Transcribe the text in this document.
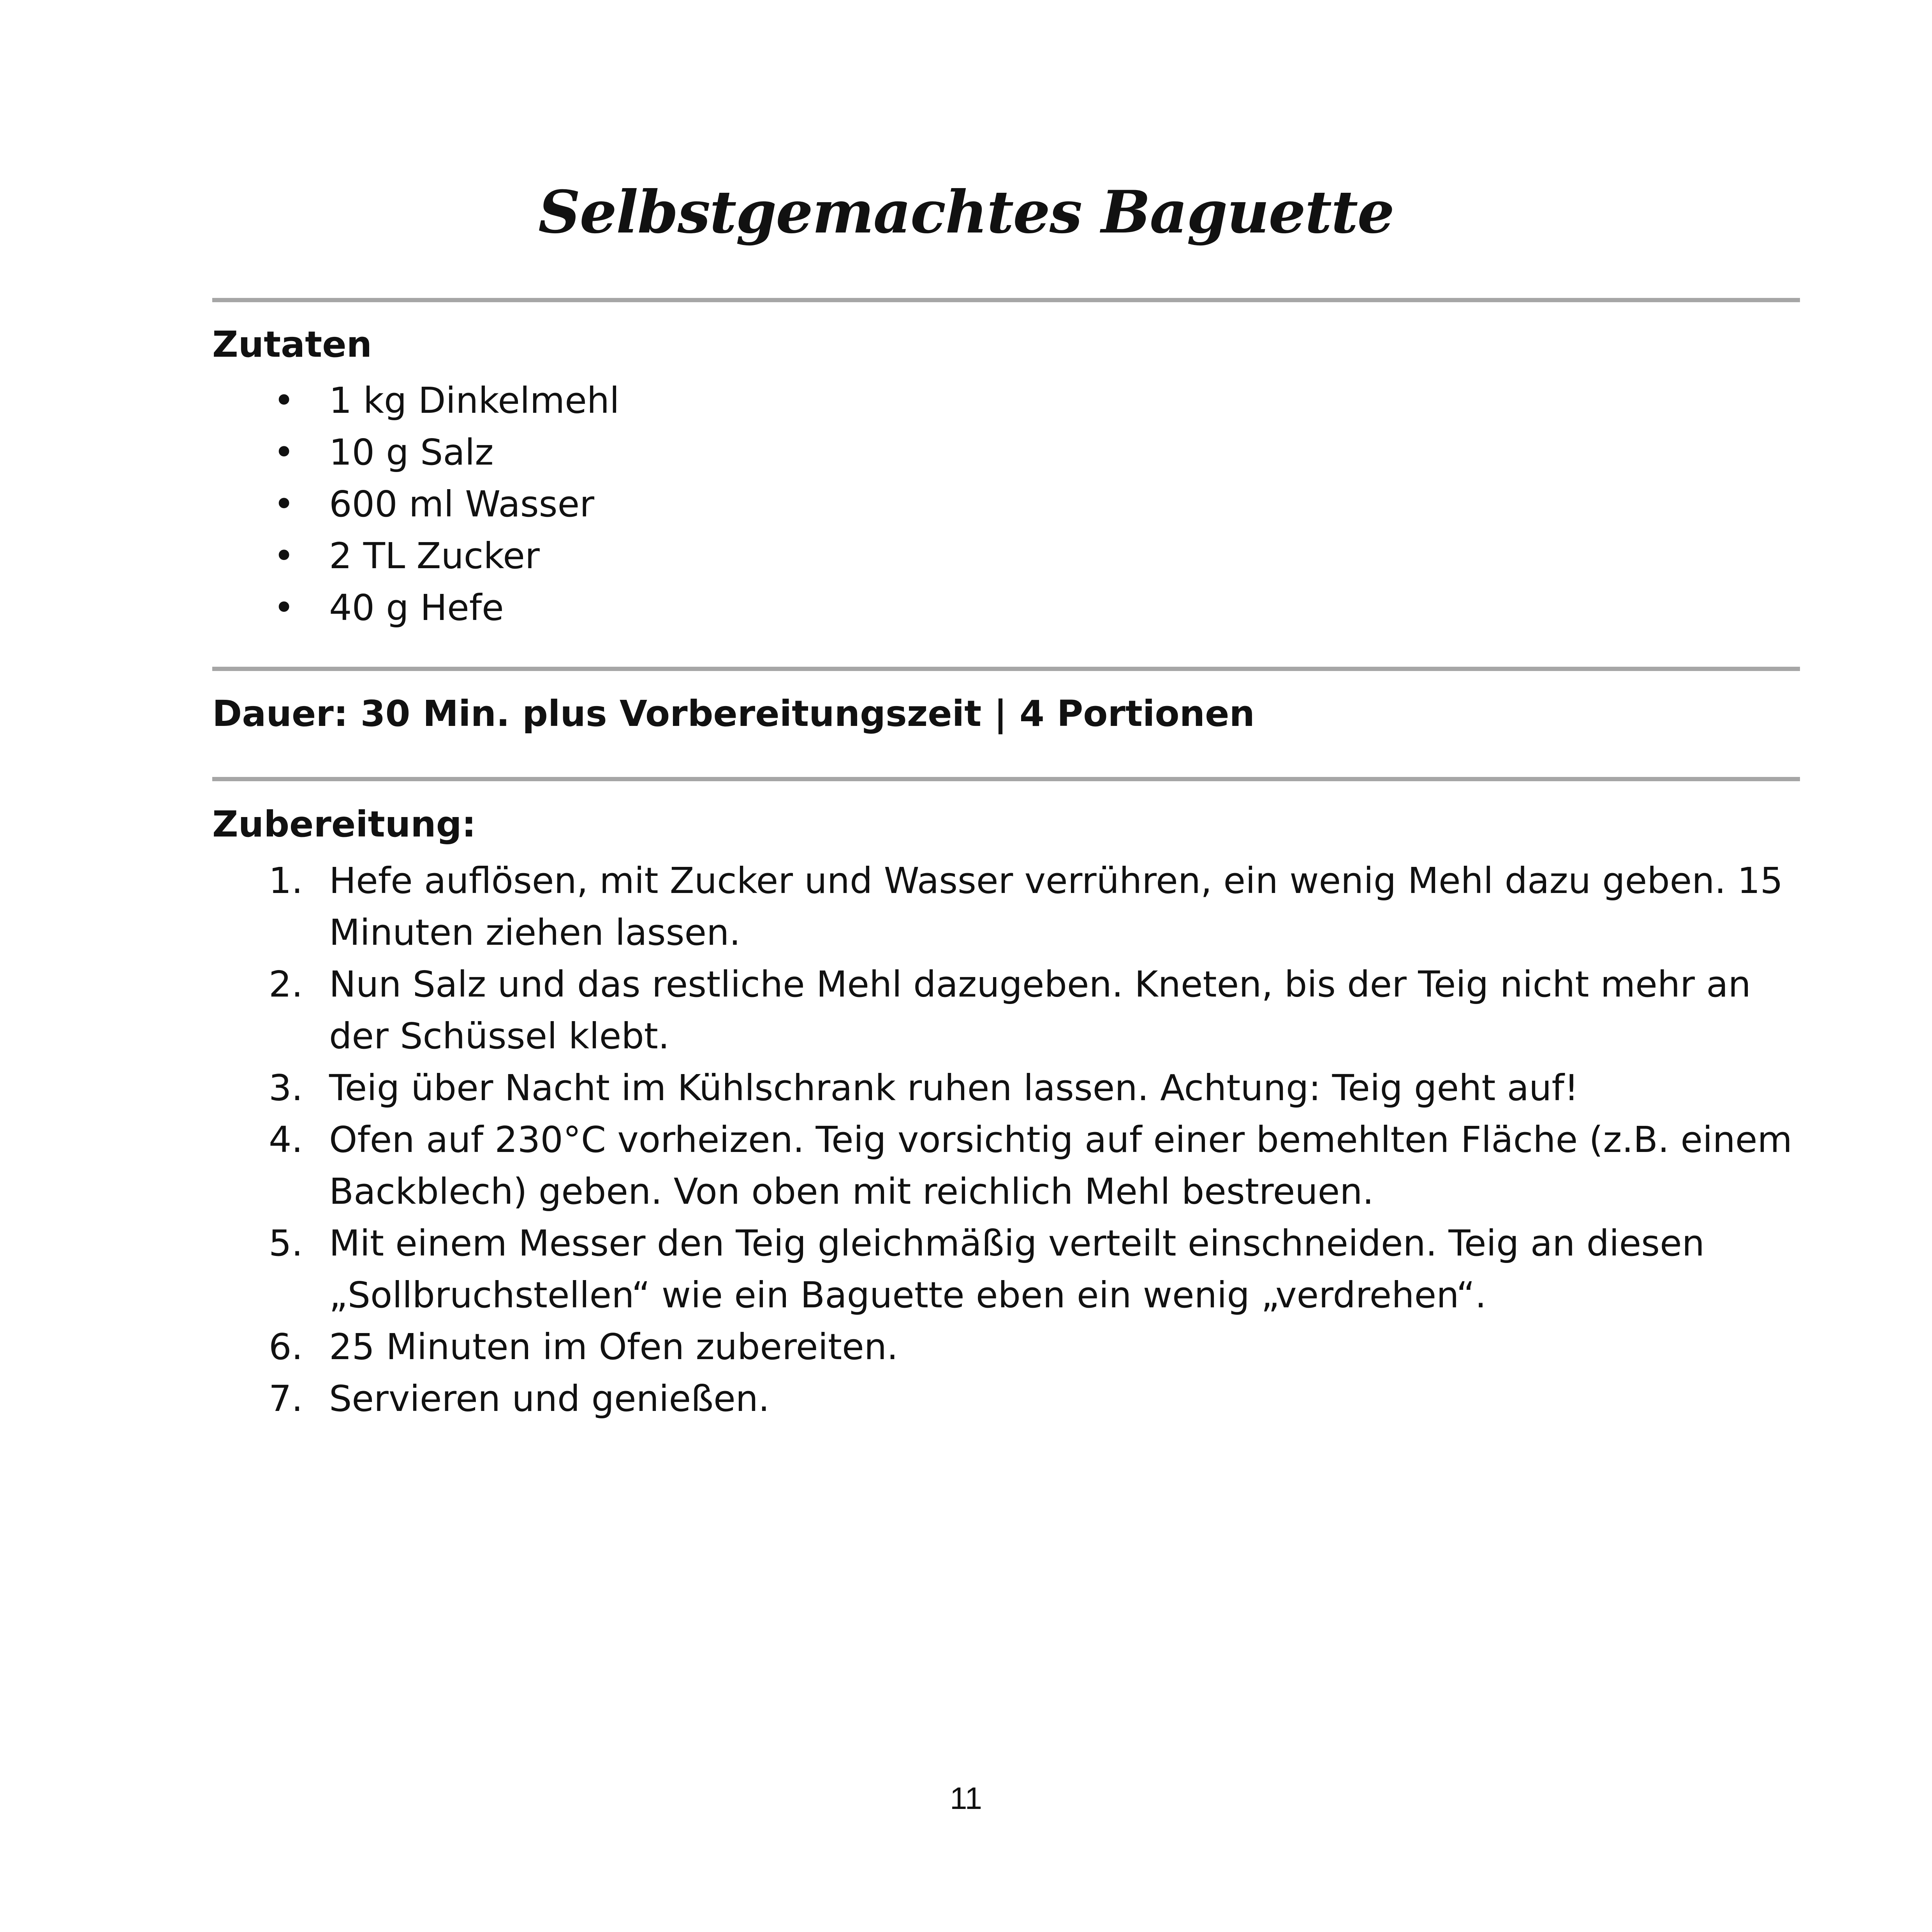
Selbstgemachtes Baguette
Zutaten
• 1 kg Dinkelmehl
• 10 g Salz
• 600 ml Wasser
• 2 TL Zucker
• 40 g Hefe
Dauer: 30 Min. plus Vorbereitungszeit | 4 Portionen
Zubereitung:
1. Hefe auflösen, mit Zucker und Wasser verrühren, ein wenig Mehl dazu geben. 15 Minuten ziehen lassen.
2. Nun Salz und das restliche Mehl dazugeben. Kneten, bis der Teig nicht mehr an der Schüssel klebt.
3. Teig über Nacht im Kühlschrank ruhen lassen. Achtung: Teig geht auf!
4. Ofen auf 230°C vorheizen. Teig vorsichtig auf einer bemehlten Fläche (z.B. einem Backblech) geben. Von oben mit reichlich Mehl bestreuen.
5. Mit einem Messer den Teig gleichmäßig verteilt einschneiden. Teig an diesen „Sollbruchstellen“ wie ein Baguette eben ein wenig „verdrehen“.
6. 25 Minuten im Ofen zubereiten.
7. Servieren und genießen.
11
